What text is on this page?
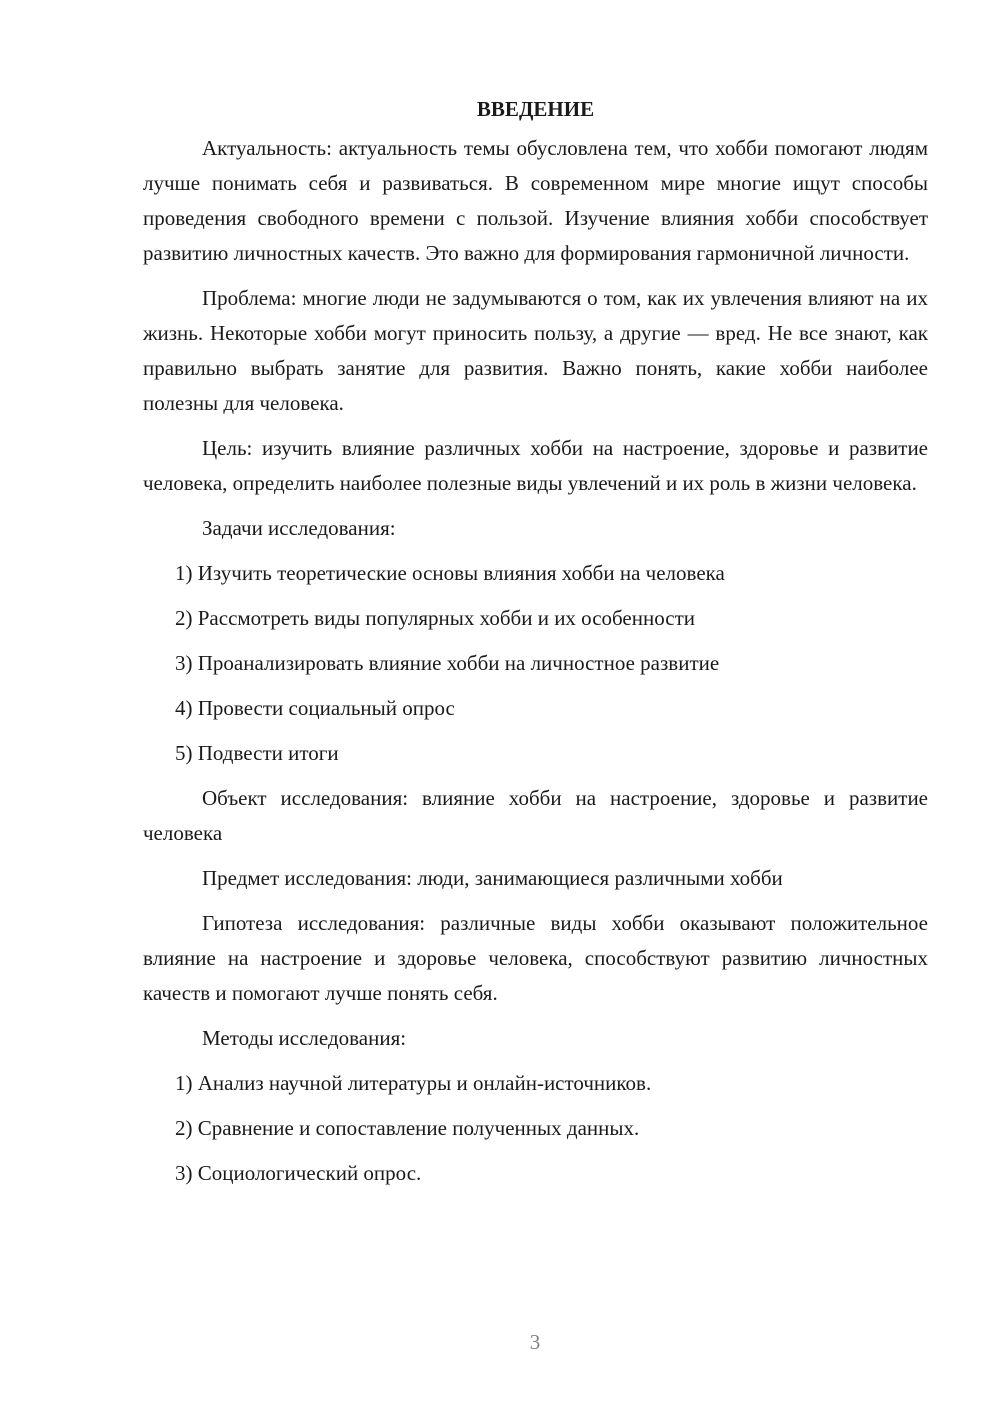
ВВЕДЕНИЕ

Актуальность: актуальность темы обусловлена тем, что хобби помогают людям лучше понимать себя и развиваться. В современном мире многие ищут способы проведения свободного времени с пользой. Изучение влияния хобби способствует развитию личностных качеств. Это важно для формирования гармоничной личности.

Проблема: многие люди не задумываются о том, как их увлечения влияют на их жизнь. Некоторые хобби могут приносить пользу, а другие — вред. Не все знают, как правильно выбрать занятие для развития. Важно понять, какие хобби наиболее полезны для человека.

Цель: изучить влияние различных хобби на настроение, здоровье и развитие человека, определить наиболее полезные виды увлечений и их роль в жизни человека.

Задачи исследования:

1) Изучить теоретические основы влияния хобби на человека

2) Рассмотреть виды популярных хобби и их особенности

3) Проанализировать влияние хобби на личностное развитие

4) Провести социальный опрос

5) Подвести итоги

Объект исследования: влияние хобби на настроение, здоровье и развитие человека

Предмет исследования: люди, занимающиеся различными хобби

Гипотеза исследования: различные виды хобби оказывают положительное влияние на настроение и здоровье человека, способствуют развитию личностных качеств и помогают лучше понять себя.

Методы исследования:

1) Анализ научной литературы и онлайн-источников.

2) Сравнение и сопоставление полученных данных.

3) Социологический опрос.

3
